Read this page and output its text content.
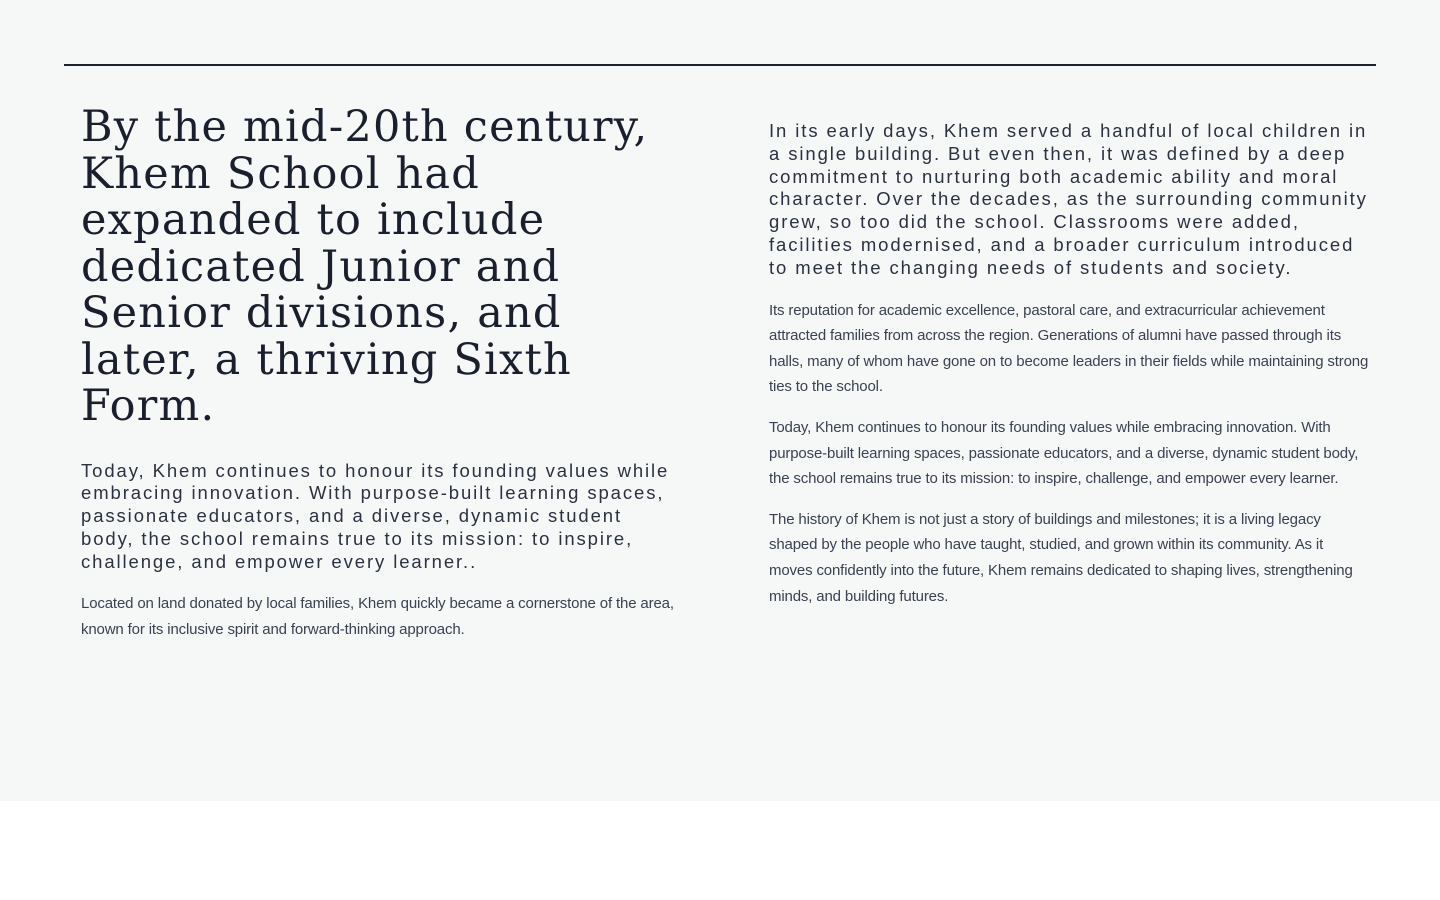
By the mid-20th century, Khem School had expanded to include dedicated Junior and Senior divisions, and later, a thriving Sixth Form.

Today, Khem continues to honour its founding values while embracing innovation. With purpose-built learning spaces, passionate educators, and a diverse, dynamic student body, the school remains true to its mission: to inspire, challenge, and empower every learner..

Located on land donated by local families, Khem quickly became a cornerstone of the area, known for its inclusive spirit and forward-thinking approach.

In its early days, Khem served a handful of local children in a single building. But even then, it was defined by a deep commitment to nurturing both academic ability and moral character. Over the decades, as the surrounding community grew, so too did the school. Classrooms were added, facilities modernised, and a broader curriculum introduced to meet the changing needs of students and society.

Its reputation for academic excellence, pastoral care, and extracurricular achievement attracted families from across the region. Generations of alumni have passed through its halls, many of whom have gone on to become leaders in their fields while maintaining strong ties to the school.

Today, Khem continues to honour its founding values while embracing innovation. With purpose-built learning spaces, passionate educators, and a diverse, dynamic student body, the school remains true to its mission: to inspire, challenge, and empower every learner.

The history of Khem is not just a story of buildings and milestones; it is a living legacy shaped by the people who have taught, studied, and grown within its community. As it moves confidently into the future, Khem remains dedicated to shaping lives, strengthening minds, and building futures.
